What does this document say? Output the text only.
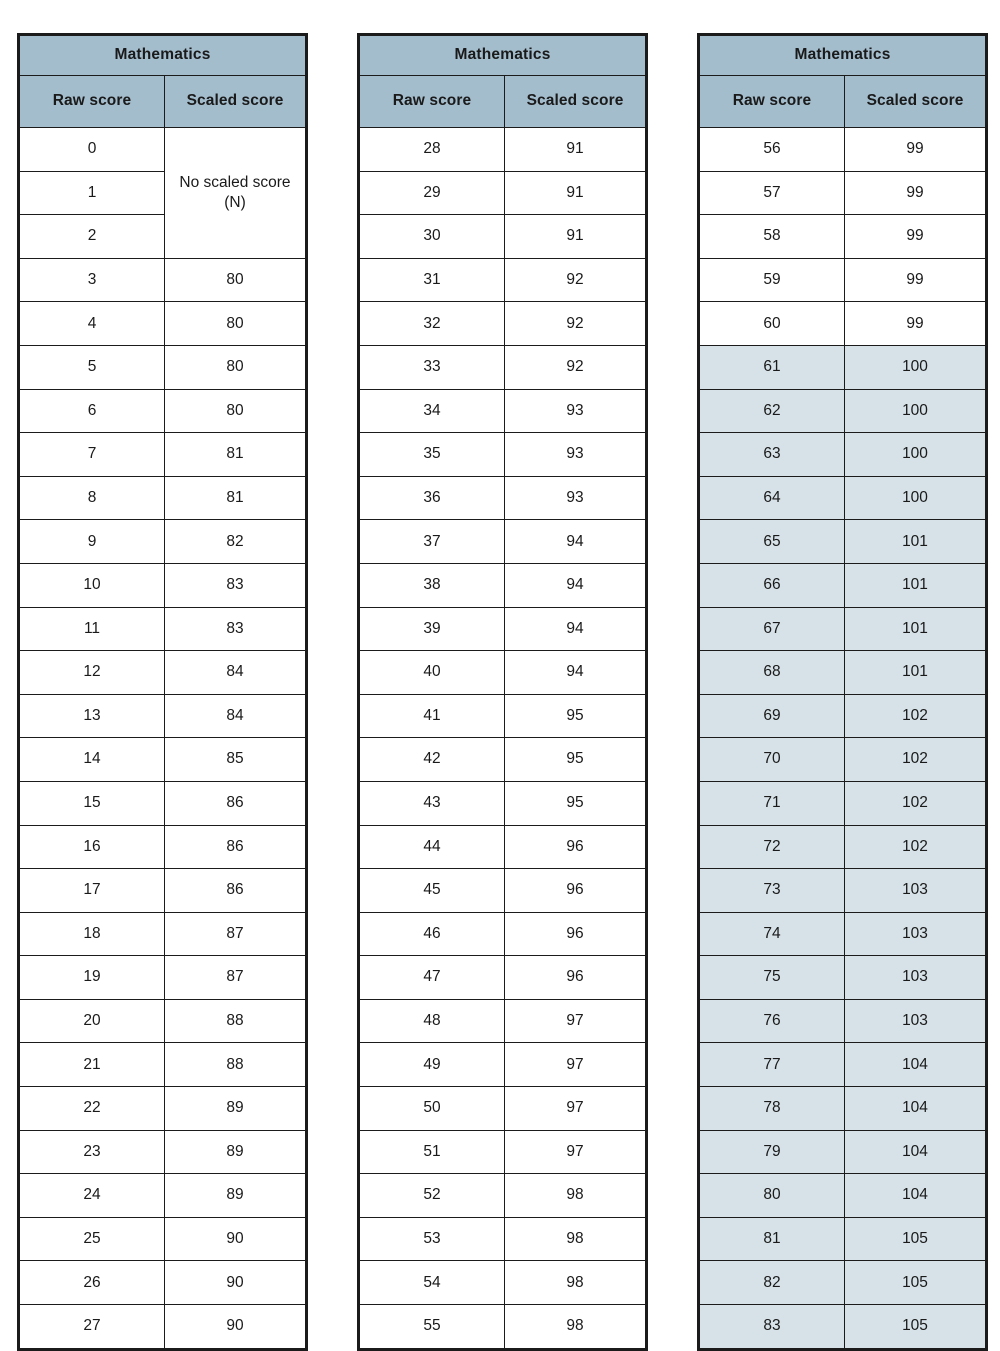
Mathematics	
Raw score	Scaled score
0	No scaled score (N)
1	
2	
3	80
4	80
5	80
6	80
7	81
8	81
9	82
10	83
11	83
12	84
13	84
14	85
15	86
16	86
17	86
18	87
19	87
20	88
21	88
22	89
23	89
24	89
25	90
26	90
27	90
Mathematics	
Raw score	Scaled score
28	91
29	91
30	91
31	92
32	92
33	92
34	93
35	93
36	93
37	94
38	94
39	94
40	94
41	95
42	95
43	95
44	96
45	96
46	96
47	96
48	97
49	97
50	97
51	97
52	98
53	98
54	98
55	98
Mathematics	
Raw score	Scaled score
56	99
57	99
58	99
59	99
60	99
61	100
62	100
63	100
64	100
65	101
66	101
67	101
68	101
69	102
70	102
71	102
72	102
73	103
74	103
75	103
76	103
77	104
78	104
79	104
80	104
81	105
82	105
83	105
